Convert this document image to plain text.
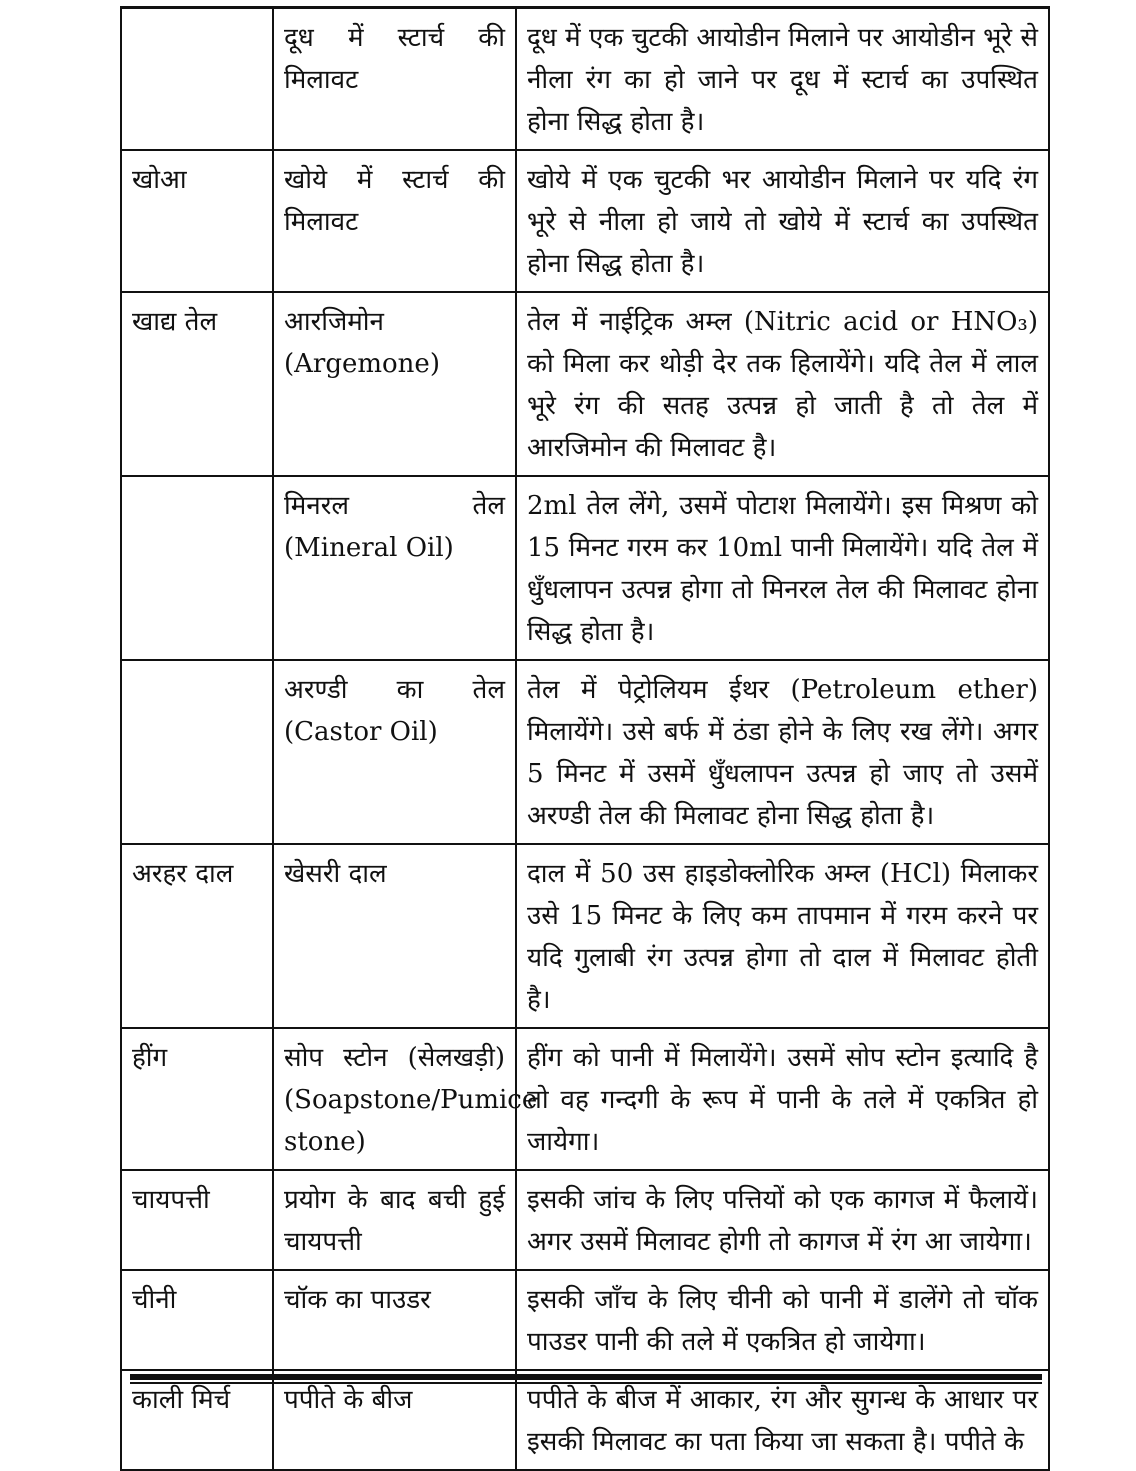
	दूध में स्टार्च की मिलावट	दूध में एक चुटकी आयोडीन मिलाने पर आयोडीन भूरे से नीला रंग का हो जाने पर दूध में स्टार्च का उपस्थित होना सिद्ध होता है।
खोआ	खोये में स्टार्च की मिलावट	खोये में एक चुटकी भर आयोडीन मिलाने पर यदि रंग भूरे से नीला हो जाये तो खोये में स्टार्च का उपस्थित होना सिद्ध होता है।
खाद्य तेल	आरजिमोन (Argemone)	तेल में नाईट्रिक अम्ल (Nitric acid or HNO₃) को मिला कर थोड़ी देर तक हिलायेंगे। यदि तेल में लाल भूरे रंग की सतह उत्पन्न हो जाती है तो तेल में आरजिमोन की मिलावट है।
	मिनरल तेल (Mineral Oil)	2ml तेल लेंगे, उसमें पोटाश मिलायेंगे। इस मिश्रण को 15 मिनट गरम कर 10ml पानी मिलायेंगे। यदि तेल में धुँधलापन उत्पन्न होगा तो मिनरल तेल की मिलावट होना सिद्ध होता है।
	अरण्डी का तेल (Castor Oil)	तेल में पेट्रोलियम ईथर (Petroleum ether) मिलायेंगे। उसे बर्फ में ठंडा होने के लिए रख लेंगे। अगर 5 मिनट में उसमें धुँधलापन उत्पन्न हो जाए तो उसमें अरण्डी तेल की मिलावट होना सिद्ध होता है।
अरहर दाल	खेसरी दाल	दाल में 50 उस हाइडोक्लोरिक अम्ल (HCl) मिलाकर उसे 15 मिनट के लिए कम तापमान में गरम करने पर यदि गुलाबी रंग उत्पन्न होगा तो दाल में मिलावट होती है।
हींग	सोप स्टोन (सेलखड़ी) (Soapstone/Pumice stone)	हींग को पानी में मिलायेंगे। उसमें सोप स्टोन इत्यादि है तो वह गन्दगी के रूप में पानी के तले में एकत्रित हो जायेगा।
चायपत्ती	प्रयोग के बाद बची हुई चायपत्ती	इसकी जांच के लिए पत्तियों को एक कागज में फैलायें। अगर उसमें मिलावट होगी तो कागज में रंग आ जायेगा।
चीनी	चॉक का पाउडर	इसकी जाँच के लिए चीनी को पानी में डालेंगे तो चॉक पाउडर पानी की तले में एकत्रित हो जायेगा।
काली मिर्च	पपीते के बीज	पपीते के बीज में आकार, रंग और सुगन्ध के आधार पर इसकी मिलावट का पता किया जा सकता है। पपीते के
